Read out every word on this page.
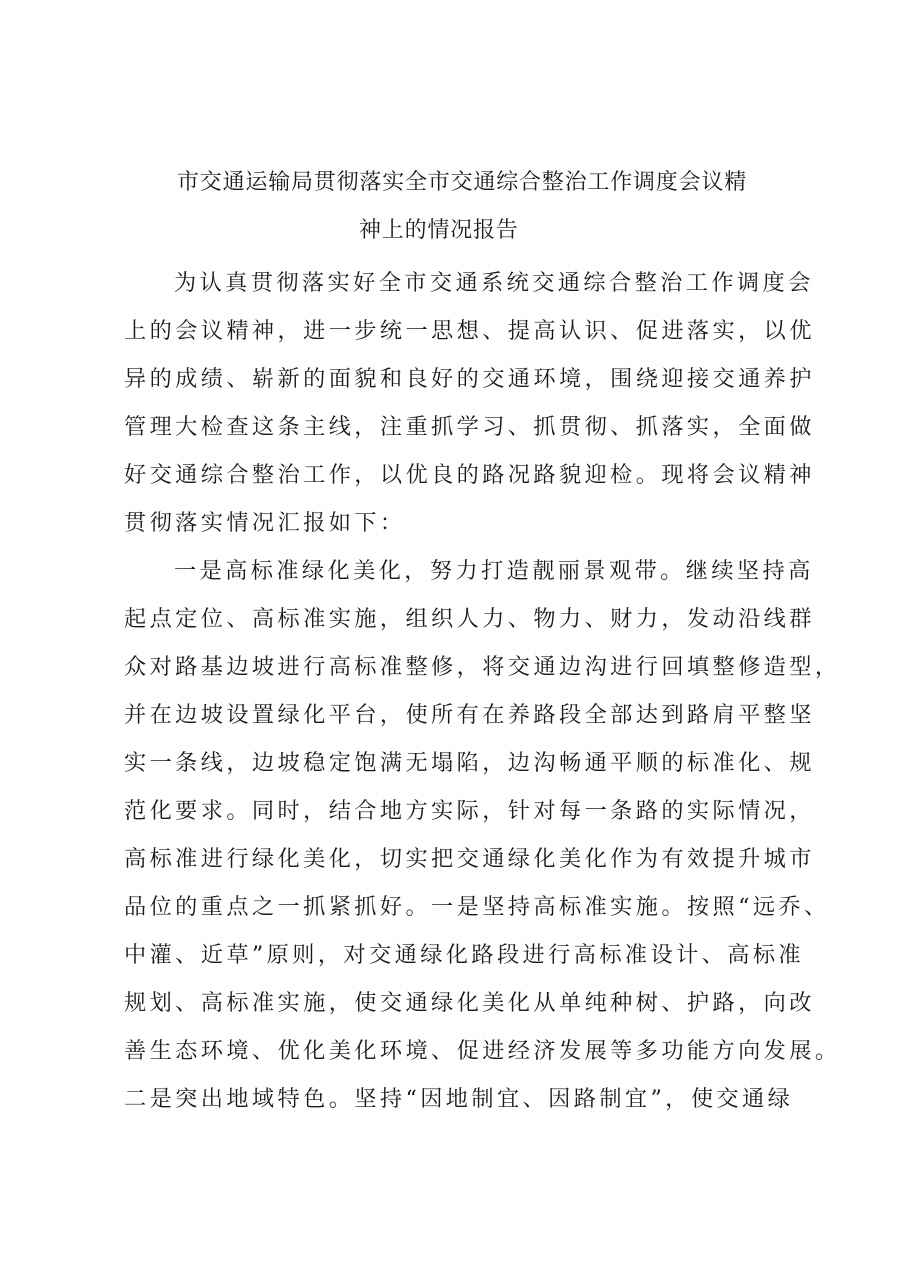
市交通运输局贯彻落实全市交通综合整治工作调度会议精
神上的情况报告
为认真贯彻落实好全市交通系统交通综合整治工作调度会
上的会议精神，进一步统一思想、提高认识、促进落实，以优
异的成绩、崭新的面貌和良好的交通环境，围绕迎接交通养护
管理大检查这条主线，注重抓学习、抓贯彻、抓落实，全面做
好交通综合整治工作，以优良的路况路貌迎检。现将会议精神
贯彻落实情况汇报如下：
一是高标准绿化美化，努力打造靓丽景观带。继续坚持高
起点定位、高标准实施，组织人力、物力、财力，发动沿线群
众对路基边坡进行高标准整修，将交通边沟进行回填整修造型，
并在边坡设置绿化平台，使所有在养路段全部达到路肩平整坚
实一条线，边坡稳定饱满无塌陷，边沟畅通平顺的标准化、规
范化要求。同时，结合地方实际，针对每一条路的实际情况，
高标准进行绿化美化，切实把交通绿化美化作为有效提升城市
品位的重点之一抓紧抓好。一是坚持高标准实施。按照“远乔、
中灌、近草”原则，对交通绿化路段进行高标准设计、高标准
规划、高标准实施，使交通绿化美化从单纯种树、护路，向改
善生态环境、优化美化环境、促进经济发展等多功能方向发展。
二是突出地域特色。坚持“因地制宜、因路制宜”，使交通绿
